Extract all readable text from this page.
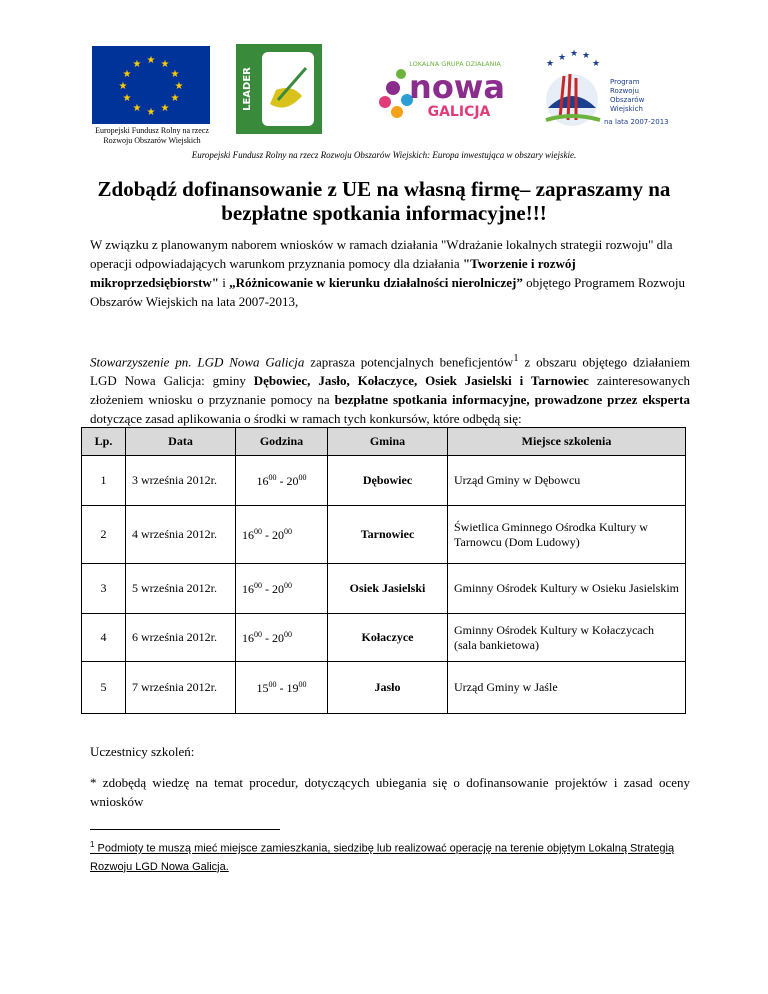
★ ★
★
★
★
★
★
★
★
★
★
★
Europejski Fundusz Rolny na rzecz Rozwoju Obszarów Wiejskich
LEADER
LOKALNA GRUPA DZIAŁANIA
nowa
GALICJA
★ ★ ★
★
★
Program
Rozwoju
Obszarów
Wiejskich
na lata 2007-2013
Europejski Fundusz Rolny na rzecz Rozwoju Obszarów Wiejskich: Europa inwestująca w obszary wiejskie.
Zdobądź dofinansowanie z UE na własną firmę– zapraszamy na bezpłatne spotkania informacyjne!!!
W związku z planowanym naborem wniosków w ramach działania "Wdrażanie lokalnych strategii rozwoju" dla operacji odpowiadających warunkom przyznania pomocy dla działania "Tworzenie i rozwój mikroprzedsiębiorstw" i „Różnicowanie w kierunku działalności nierolniczej” objętego Programem Rozwoju Obszarów Wiejskich na lata 2007-2013,
Stowarzyszenie pn. LGD Nowa Galicja zaprasza potencjalnych beneficjentów$^1$ z obszaru objętego działaniem LGD Nowa Galicja: gminy Dębowiec, Jasło, Kołaczyce, Osiek Jasielski i Tarnowiec zainteresowanych złożeniem wniosku o przyznanie pomocy na bezpłatne spotkania informacyjne, prowadzone przez eksperta dotyczące zasad aplikowania o środki w ramach tych konkursów, które odbędą się:
Lp.	Data	Godzina	Gmina	Miejsce szkolenia
1	3 września 2012r.	$16^{00} - 20^{00}$	Dębowiec	Urząd Gminy w Dębowcu
2	4 września 2012r.	$16^{00} - 20^{00}$	Tarnowiec	Świetlica Gminnego Ośrodka Kultury w Tarnowcu (Dom Ludowy)
3	5 września 2012r.	$16^{00} - 20^{00}$	Osiek Jasielski	Gminny Ośrodek Kultury w Osieku Jasielskim
4	6 września 2012r.	$16^{00} - 20^{00}$	Kołaczyce	Gminny Ośrodek Kultury w Kołaczycach (sala bankietowa)
5	7 września 2012r.	$15^{00} - 19^{00}$	Jasło	Urząd Gminy w Jaśle
Uczestnicy szkoleń:
* zdobędą wiedzę na temat procedur, dotyczących ubiegania się o dofinansowanie projektów i zasad oceny wniosków
$^1$ Podmioty te muszą mieć miejsce zamieszkania, siedzibę lub realizować operację na terenie objętym Lokalną Strategią Rozwoju LGD Nowa Galicja.
